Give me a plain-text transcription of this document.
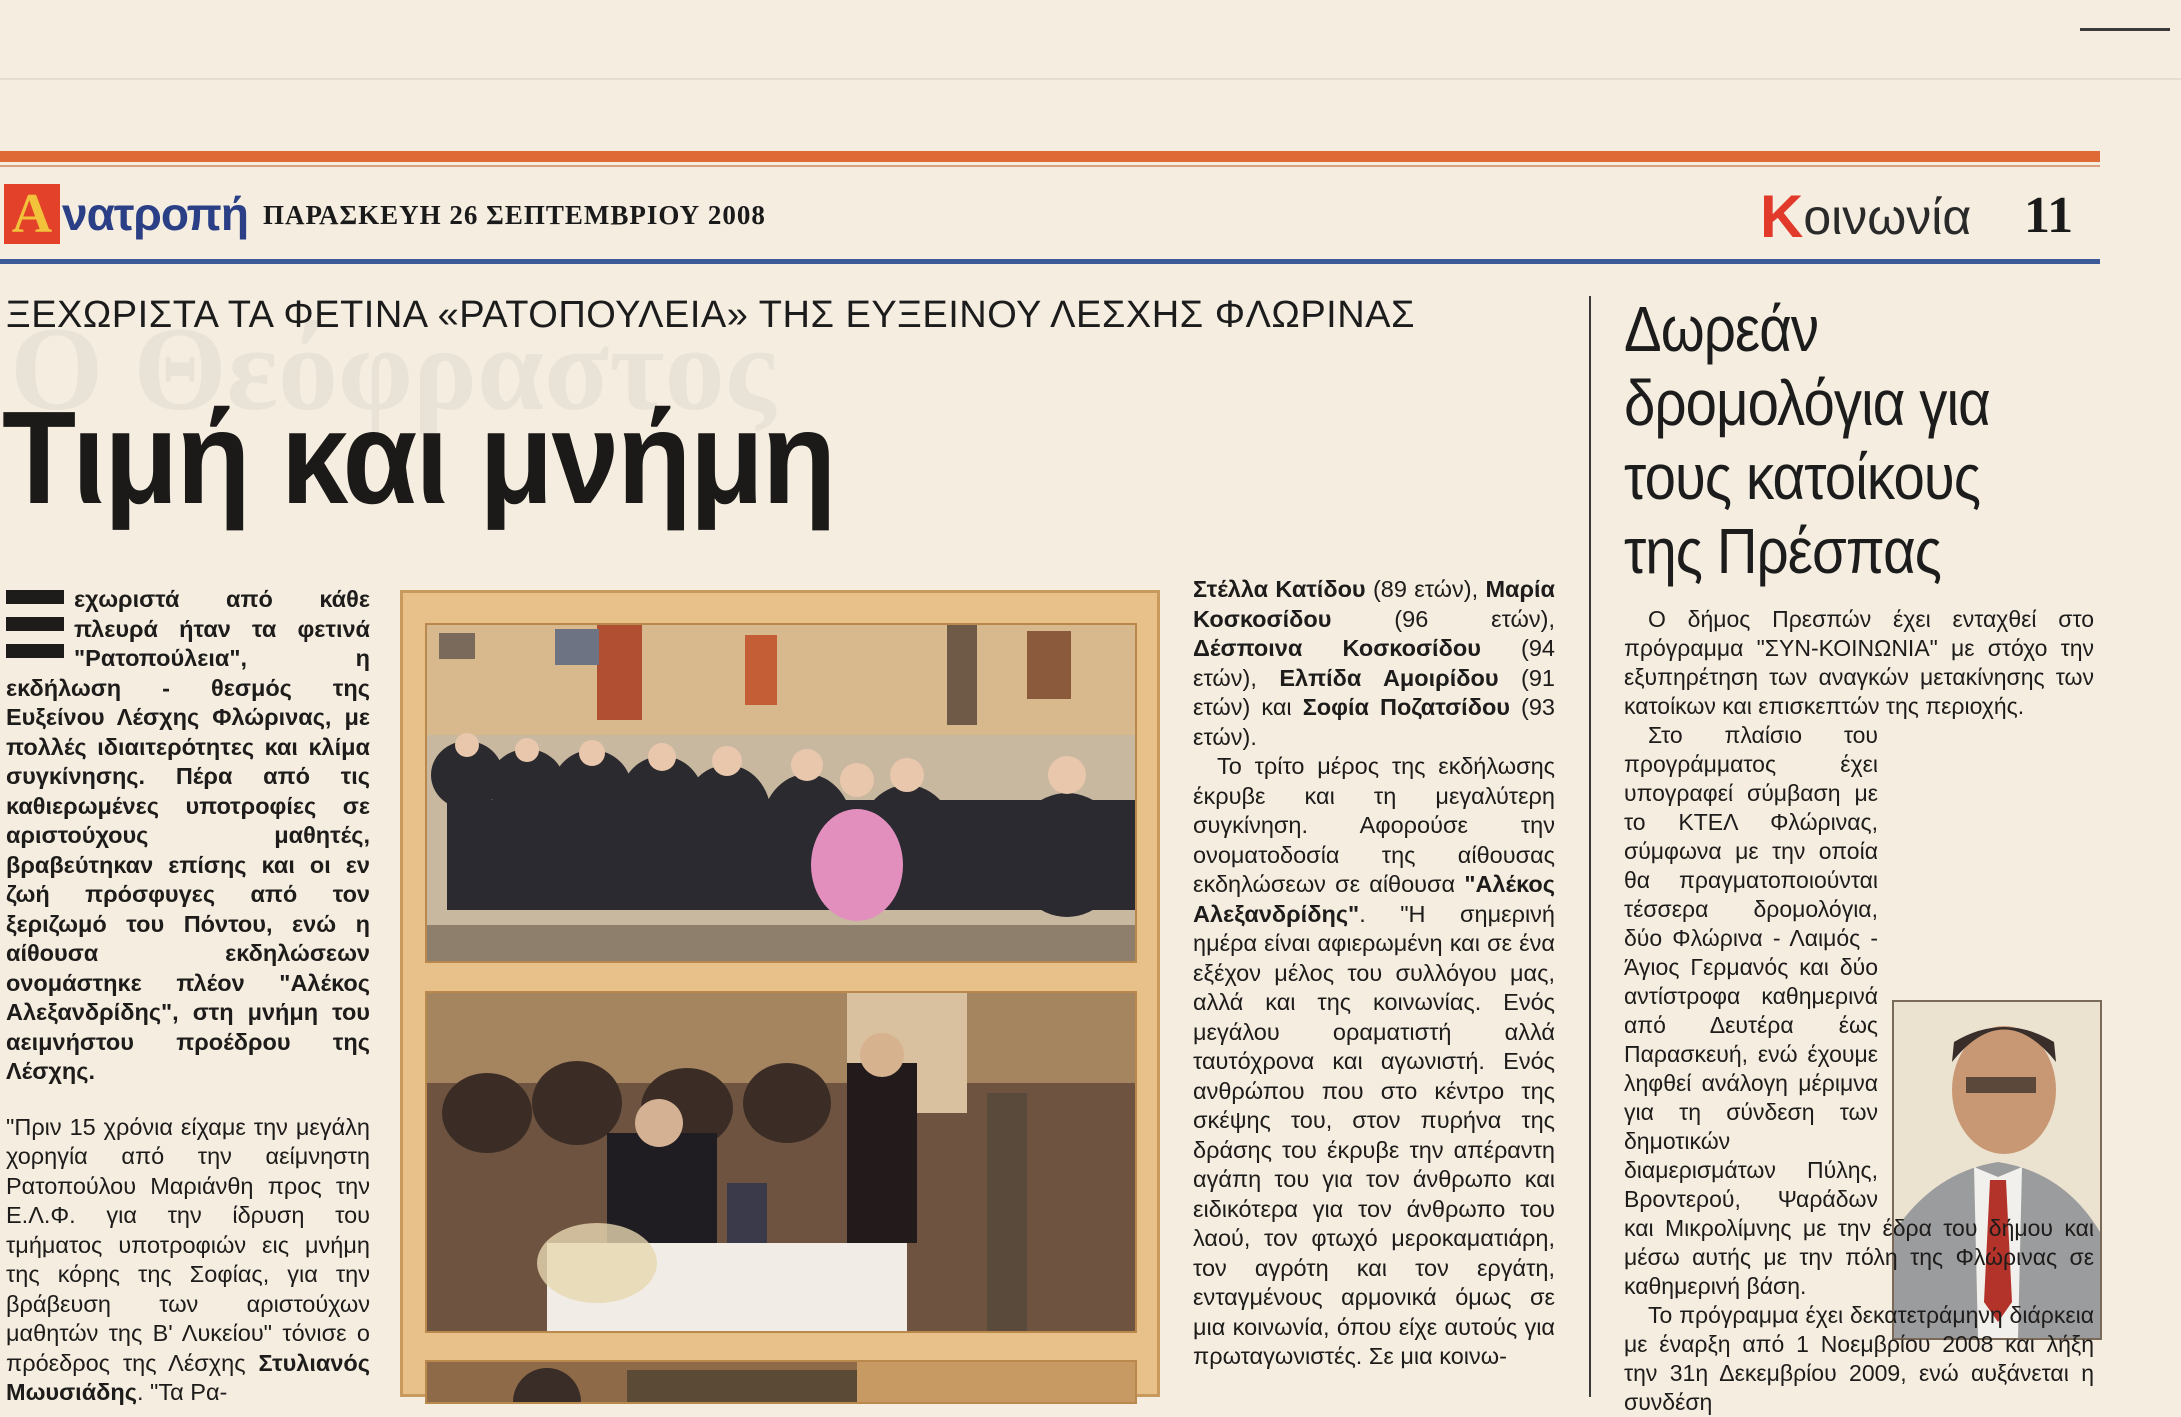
Α νατροπή ΠΑΡΑΣΚΕΥΗ 26 ΣΕΠΤΕΜΒΡΙΟΥ 2008	Κ οινωνία 11
ΞΕΧΩΡΙΣΤΑ ΤΑ ΦΕΤΙΝΑ «ΡΑΤΟΠΟΥΛΕΙΑ» ΤΗΣ ΕΥΞΕΙΝΟΥ ΛΕΣΧΗΣ ΦΛΩΡΙΝΑΣ
Τιμή και μνήμη

εχωριστά από κάθε πλευρά ήταν τα φετινά "Ρατοπούλεια", η εκδήλωση - θεσμός της Ευξείνου Λέσχης Φλώρινας, με πολλές ιδιαιτερότητες και κλίμα συγκίνησης. Πέρα από τις καθιερωμένες υποτροφίες σε αριστούχους μαθητές, βραβεύτηκαν επίσης και οι εν ζωή πρόσφυγες από τον ξεριζωμό του Πόντου, ενώ η αίθουσα εκδηλώσεων ονομάστηκε πλέον "Αλέκος Αλεξανδρίδης", στη μνήμη του αειμνήστου προέδρου της Λέσχης.

"Πριν 15 χρόνια είχαμε την μεγάλη χορηγία από την αείμνηστη Ρατοπούλου Μαριάνθη προς την Ε.Λ.Φ. για την ίδρυση του τμήματος υποτροφιών εις μνήμη της κόρης της Σοφίας, για την βράβευση των αριστούχων μαθητών της Β' Λυκείου" τόνισε ο πρόεδρος της Λέσχης Στυλιανός Μωυσιάδης. "Τα Ρα-

Στέλλα Κατίδου (89 ετών), Μαρία Κοσκοσίδου (96 ετών), Δέσποινα Κοσκοσίδου (94 ετών), Ελπίδα Αμοιρίδου (91 ετών) και Σοφία Ποζατσίδου (93 ετών).

Το τρίτο μέρος της εκδήλωσης έκρυβε και τη μεγαλύτερη συγκίνηση. Αφορούσε την ονοματοδοσία της αίθουσας εκδηλώσεων σε αίθουσα "Αλέκος Αλεξανδρίδης". "Η σημερινή ημέρα είναι αφιερωμένη και σε ένα εξέχον μέλος του συλλόγου μας, αλλά και της κοινωνίας. Ενός μεγάλου οραματιστή αλλά ταυτόχρονα και αγωνιστή. Ενός ανθρώπου που στο κέντρο της σκέψης του, στον πυρήνα της δράσης του έκρυβε την απέραντη αγάπη του για τον άνθρωπο και ειδικότερα για τον άνθρωπο του λαού, τον φτωχό μεροκαματιάρη, τον αγρότη και τον εργάτη, ενταγμένους αρμονικά όμως σε μια κοινωνία, όπου είχε αυτούς για πρωταγωνιστές. Σε μια κοινω-

Δωρεάν δρομολόγια για τους κατοίκους της Πρέσπας

Ο δήμος Πρεσπών έχει ενταχθεί στο πρόγραμμα "ΣΥΝ-ΚΟΙΝΩΝΙΑ" με στόχο την εξυπηρέτηση των αναγκών μετακίνησης των κατοίκων και επισκεπτών της περιοχής.

Στο πλαίσιο του προγράμματος έχει υπογραφεί σύμβαση με το ΚΤΕΛ Φλώρινας, σύμφωνα με την οποία θα πραγματοποιούνται τέσσερα δρομολόγια, δύο Φλώρινα - Λαιμός - Άγιος Γερμανός και δύο αντίστροφα καθημερινά από Δευτέρα έως Παρασκευή, ενώ έχουμε ληφθεί ανάλογη μέριμνα για τη σύνδεση των δημοτικών διαμερισμάτων Πύλης, Βροντερού, Ψαράδων και Μικρολίμνης με την έδρα του δήμου και μέσω αυτής με την πόλη της Φλώρινας σε καθημερινή βάση.

Το πρόγραμμα έχει δεκατετράμηνη διάρκεια με έναρξη από 1 Νοεμβρίου 2008 και λήξη την 31η Δεκεμβρίου 2009, ενώ αυξάνεται η συνδέση
